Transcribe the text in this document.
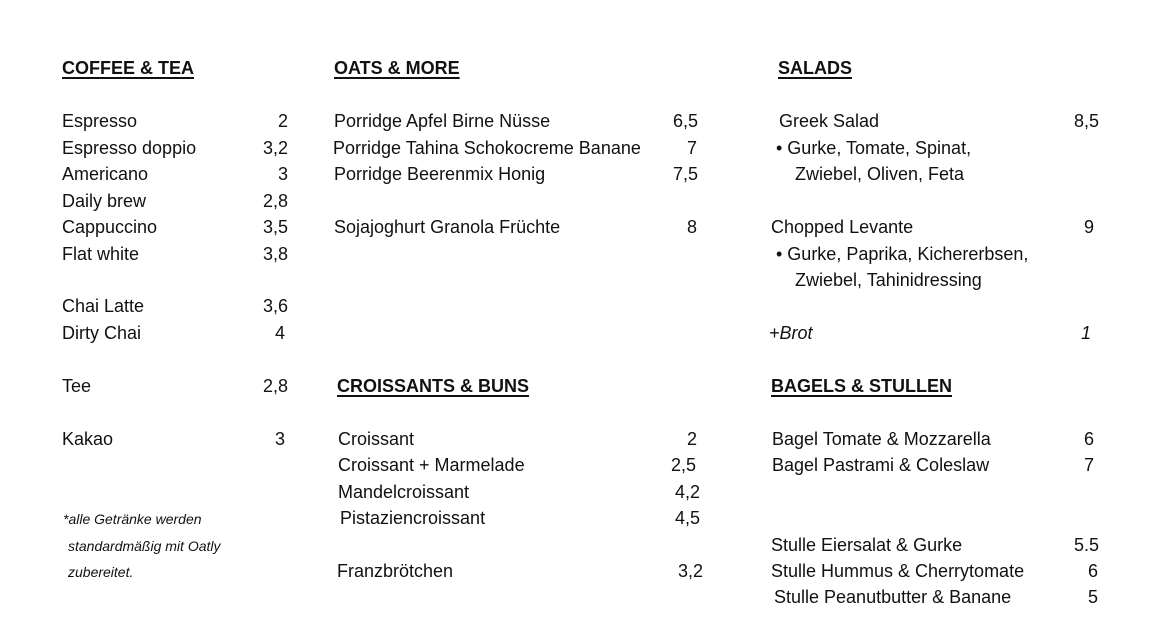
COFFEE & TEA
Espresso	2
Espresso doppio	3,2
Americano	3
Daily brew	2,8
Cappuccino	3,5
Flat white	3,8
Chai Latte	3,6
Dirty Chai	4
Tee	2,8
Kakao	3
*alle Getränke werden
standardmäßig mit Oatly
zubereitet.
OATS & MORE
Porridge Apfel Birne Nüsse	6,5
Porridge Tahina Schokocreme Banane	7
Porridge Beerenmix Honig	7,5
Sojajoghurt Granola Früchte	8
CROISSANTS & BUNS
Croissant	2
Croissant + Marmelade	2,5
Mandelcroissant	4,2
Pistaziencroissant	4,5
Franzbrötchen	3,2
SALADS
Greek Salad	8,5
• Gurke, Tomate, Spinat,
Zwiebel, Oliven, Feta
Chopped Levante	9
• Gurke, Paprika, Kichererbsen,
Zwiebel, Tahinidressing
+Brot	1
BAGELS & STULLEN
Bagel Tomate & Mozzarella	6
Bagel Pastrami & Coleslaw	7
Stulle Eiersalat & Gurke	5.5
Stulle Hummus & Cherrytomate	6
Stulle Peanutbutter & Banane	5
